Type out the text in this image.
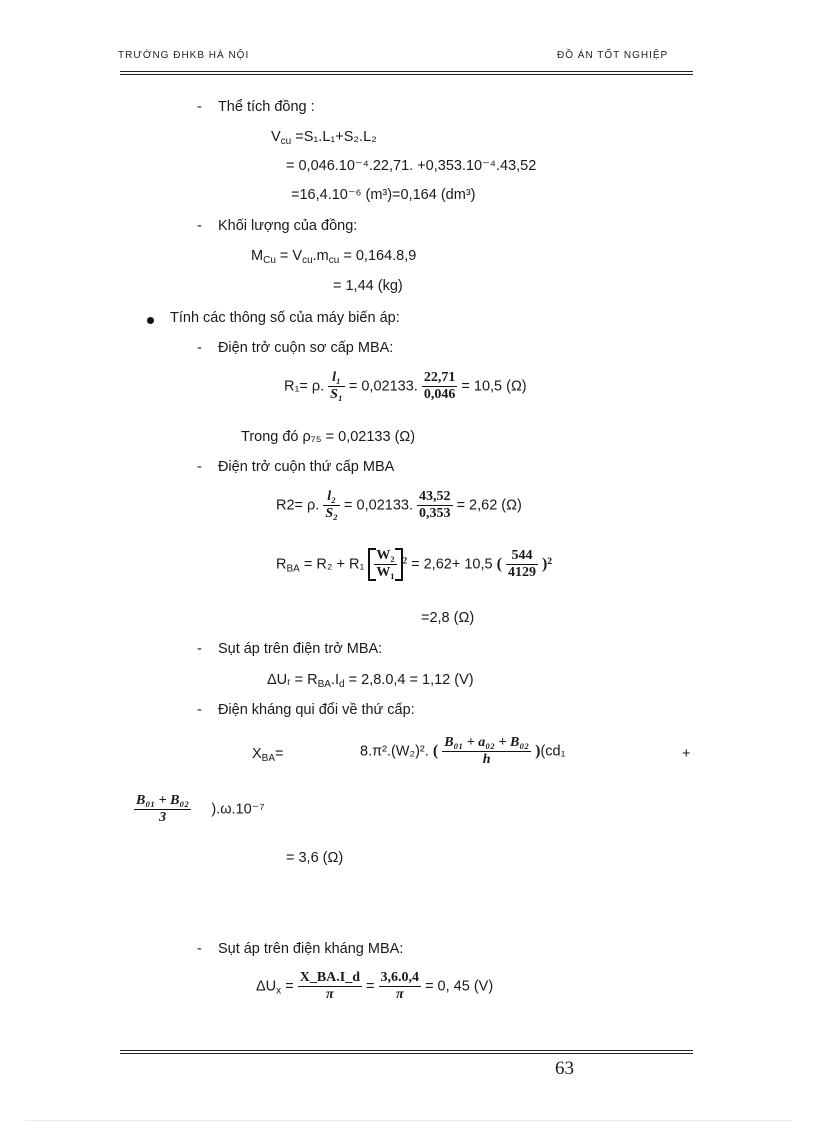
TRƯỜNG ĐHKB HÀ NỘI	ĐỒ ÁN TỐT NGHIỆP
-    Thể tích đồng :
$V_{cu} =S_1.L_1+S_2.L_2$
= 0,046.10⁻⁴.22,71. +0,353.10⁻⁴.43,52
=16,4.10⁻⁶ (m³)=0,164 (dm³)
-    Khối lượng của đồng:
$M_{Cu} = V_{cu}.m_{cu} = 0,164.8,9$
= 1,44 (kg)
Tính các thông số của máy biến áp:
-    Điện trở cuộn sơ cấp MBA:
R₁= ρ. $\frac{\text{l₁}}{\text{S₁}} = 0,02133$. $\frac{22,71}{0,046} = 10,5$ (Ω)
Trong đó ρ₇₅ = 0,02133 (Ω)
-    Điện trở cuộn thứ cấp MBA
R2= ρ. $\frac{\text{l₂}}{\text{S₂}} = 0,02133$. $\frac{43,52}{0,353} = 2,62$ (Ω)
$R_{BA} = R_2 + R_1 \frac{\text{W₂}}{\text{W₁}} ^2 = 2,62+ 10,5$ ( $\frac{544}{4129} )^2$
=2,8 (Ω)
-    Sụt áp trên điện trở MBA:
ΔUᵣ = $R_{BA}.I_d = 2,8.0,4 = 1,12$ (V)
-    Điện kháng qui đổi về thứ cấp:
$X_{BA}=$	8.π².(W₂)². ( $\frac{\text{B₀₁ + a₀₂ + B₀₂}}{h} )(cd_1$	+
$\frac{\text{B₀₁ + B₀₂}}{3} ).\omega.10^{-7}$
= 3,6 (Ω)
-    Sụt áp trên điện kháng MBA:
$\Delta U_x = \frac{X\_BA.I\_d}{\pi} = \frac{3,6.0,4}{\pi} = 0$, 45 (V)
63
